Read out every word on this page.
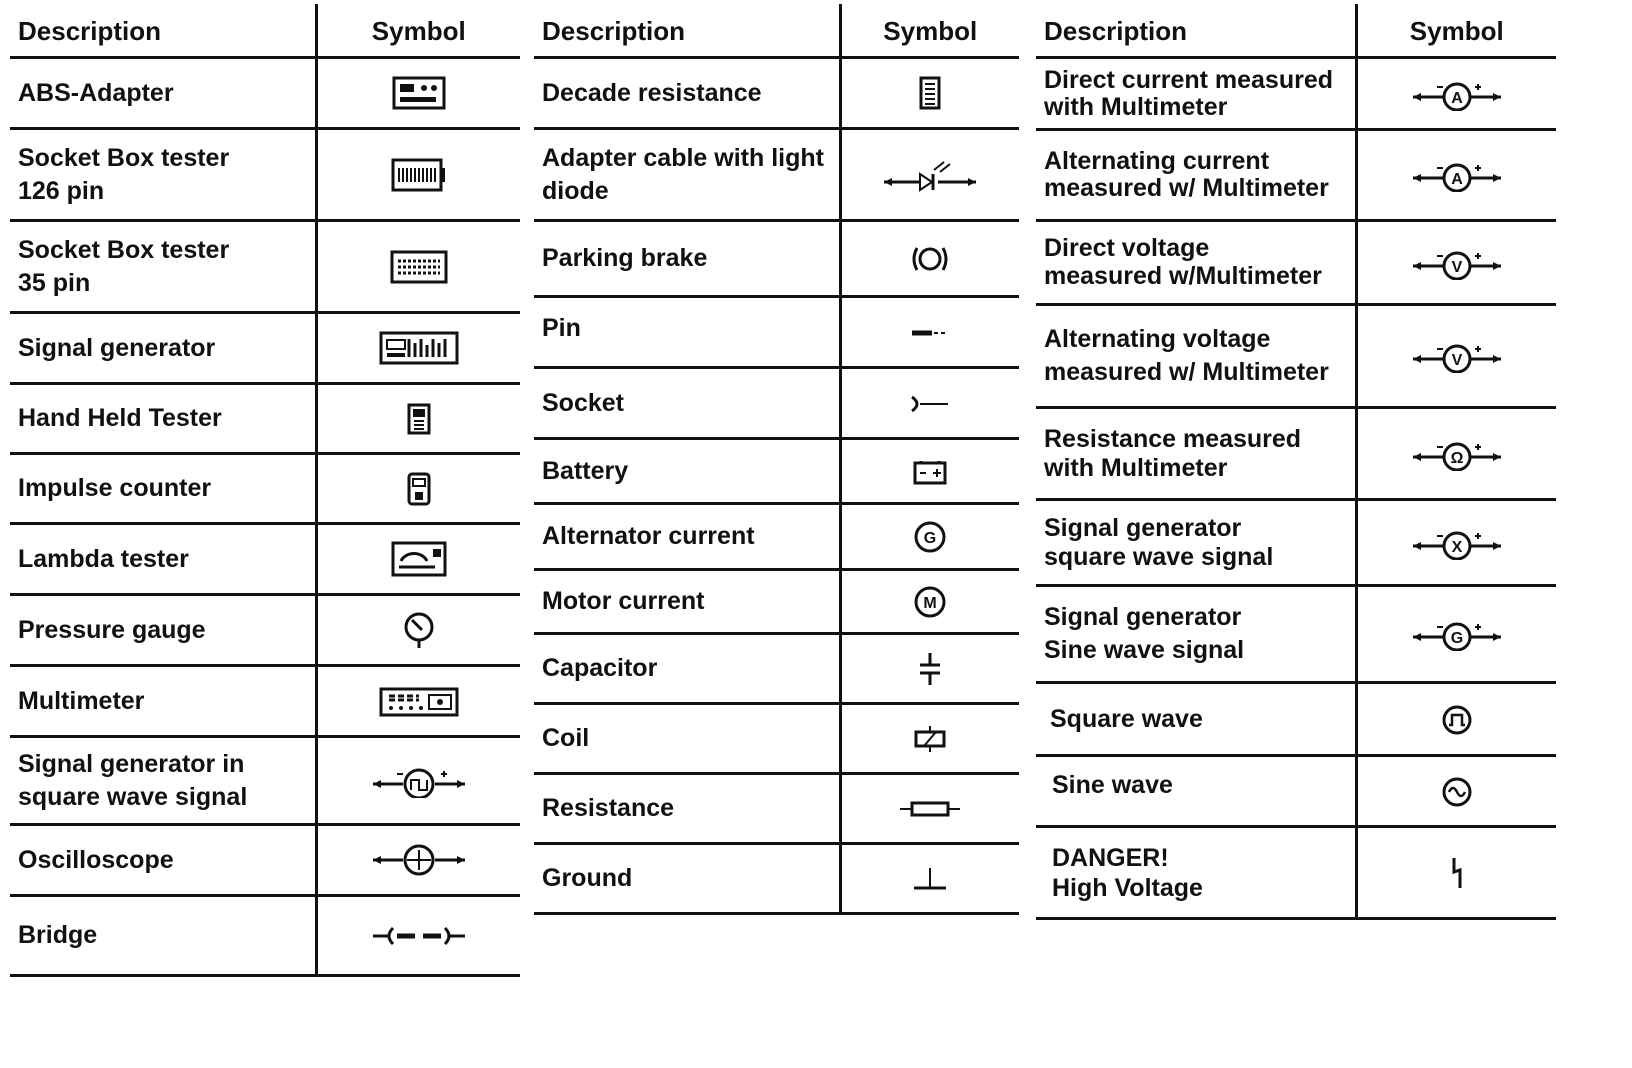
Description	Symbol
ABS-Adapter	

Socket Box tester
126 pin	

Socket Box tester
35 pin	

Signal generator	

Hand Held Tester	

Impulse counter	

Lambda tester	

Pressure gauge	

Multimeter	

Signal generator in
square wave signal	

Oscilloscope	

Bridge	
Description	Symbol
Decade resistance	

Adapter cable with light
diode	

Parking brake	

Pin	

Socket	

Battery	

Alternator current	G

Motor current	M

Capacitor	

Coil	

Resistance	

Ground	
Description	Symbol
Direct current measured
with Multimeter	A

Alternating current
measured w/ Multimeter	A

Direct voltage
measured w/Multimeter	V

Alternating voltage
measured w/ Multimeter	V

Resistance measured
with Multimeter	Ω

Signal generator
square wave signal	X

Signal generator
Sine wave signal	G

Square wave	

Sine wave	

DANGER!
High Voltage	
